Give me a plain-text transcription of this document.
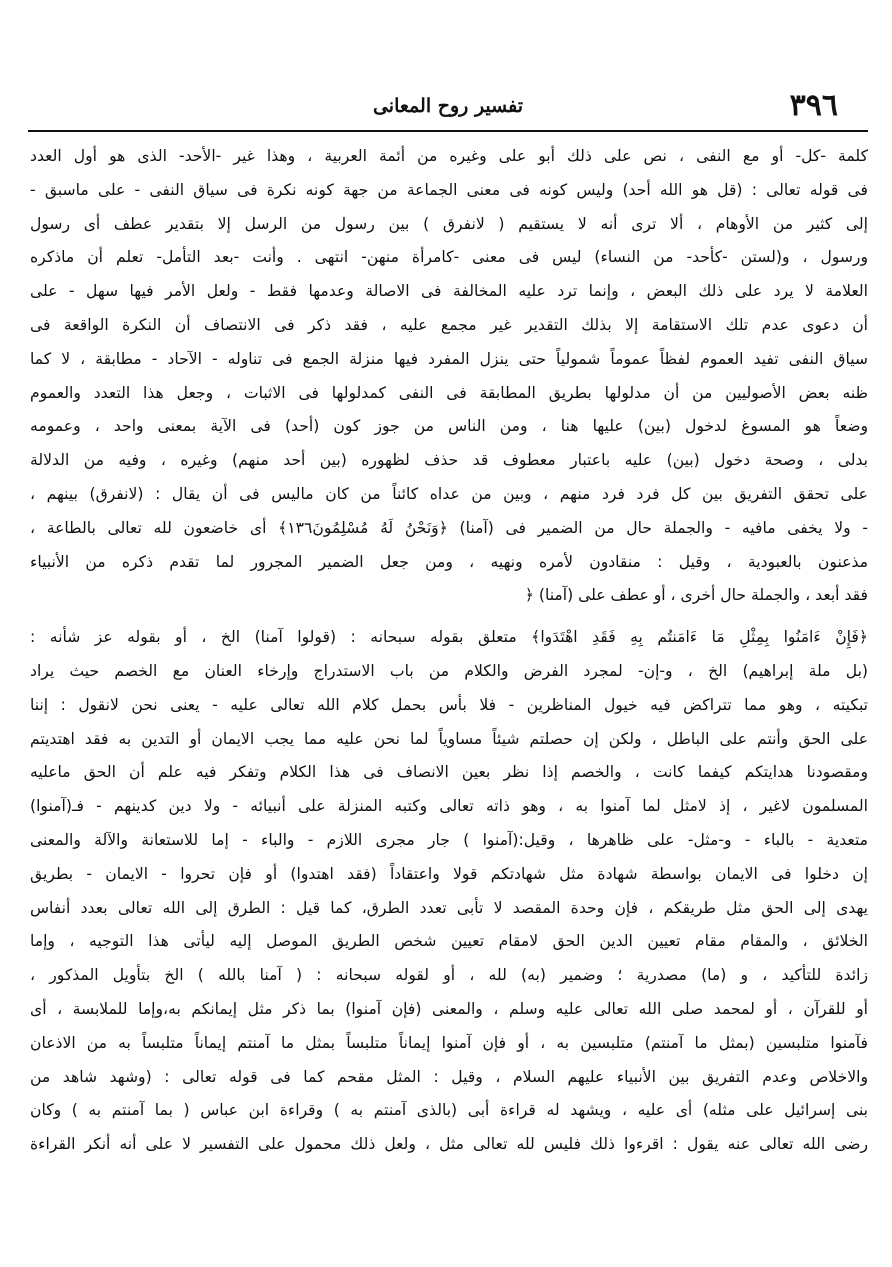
٣٩٦
تفسير روح المعانى
كلمة -كل- أو مع النفى ، نص على ذلك أبو على وغيره من أئمة العربية ، وهذا غير -الأحد- الذى هو أول العدد
فى قوله تعالى : (قل هو الله أحد) وليس كونه فى معنى الجماعة من جهة كونه نكرة فى سياق النفى - على ماسبق -
إلى كثير من الأوهام ، ألا ترى أنه لا يستقيم ( لانفرق ) بين رسول من الرسل إلا بتقدير عطف أى رسول
ورسول ، و(لستن -كأحد- من النساء) ليس فى معنى -كامرأة منهن- انتهى . وأنت -بعد التأمل- تعلم أن ماذكره
العلامة لا يرد على ذلك البعض ، وإنما ترد عليه المخالفة فى الاصالة وعدمها فقط - ولعل الأمر فيها سهل - على
أن دعوى عدم تلك الاستقامة إلا بذلك التقدير غير مجمع عليه ، فقد ذكر فى الانتصاف أن النكرة الواقعة فى
سياق النفى تفيد العموم لفظاً عموماً شمولياً حتى ينزل المفرد فيها منزلة الجمع فى تناوله - الآحاد - مطابقة ، لا كما
ظنه بعض الأصوليين من أن مدلولها بطريق المطابقة فى النفى كمدلولها فى الاثبات ، وجعل هذا التعدد والعموم
وضعاً هو المسوغ لدخول (بين) عليها هنا ، ومن الناس من جوز كون (أحد) فى الآية بمعنى واحد ، وعمومه
بدلى ، وصحة دخول (بين) عليه باعتبار معطوف قد حذف لظهوره (بين أحد منهم) وغيره ، وفيه من الدلالة
على تحقق التفريق بين كل فرد فرد منهم ، وبين من عداه كائناً من كان ماليس فى أن يقال : (لانفرق) بينهم ،
- ولا يخفى مافيه - والجملة حال من الضمير فى (آمنا) ﴿وَنَحْنُ لَهُ مُسْلِمُونَ١٣٦﴾ أى خاضعون لله تعالى بالطاعة ،
مذعنون بالعبودية ، وقيل : منقادون لأمره ونهيه ، ومن جعل الضمير المجرور لما تقدم ذكره من الأنبياء
فقد أبعد ، والجملة حال أخرى ، أو عطف على (آمنا) ﴿
﴿فَإِنْ ءَامَنُوا بِمِثْلِ مَا ءَامَنتُم بِهِ فَقَدِ اهْتَدَوا﴾ متعلق بقوله سبحانه : (قولوا آمنا) الخ ، أو بقوله عز شأنه :
(بل ملة إبراهيم) الخ ، و-إن- لمجرد الفرض والكلام من باب الاستدراج وإرخاء العنان مع الخصم حيث يراد
تبكيته ، وهو مما تتراكض فيه خيول المناظرين - فلا بأس بحمل كلام الله تعالى عليه - يعنى نحن لانقول : إننا
على الحق وأنتم على الباطل ، ولكن إن حصلتم شيئاً مساوياً لما نحن عليه مما يجب الايمان أو التدين به فقد اهتديتم
ومقصودنا هدايتكم كيفما كانت ، والخصم إذا نظر بعين الانصاف فى هذا الكلام وتفكر فيه علم أن الحق ماعليه
المسلمون لاغير ، إذ لامثل لما آمنوا به ، وهو ذاته تعالى وكتبه المنزلة على أنبيائه - ولا دين كدينهم - فـ(آمنوا)
متعدية - بالباء - و-مثل- على ظاهرها ، وقيل:(آمنوا ) جار مجرى اللازم - والباء - إما للاستعانة والآلة والمعنى
إن دخلوا فى الايمان بواسطة شهادة مثل شهادتكم قولا واعتقاداً (فقد اهتدوا) أو فإن تحروا - الايمان - بطريق
يهدى إلى الحق مثل طريقكم ، فإن وحدة المقصد لا تأبى تعدد الطرق، كما قيل : الطرق إلى الله تعالى بعدد أنفاس
الخلائق ، والمقام مقام تعيين الدين الحق لامقام تعيين شخص الطريق الموصل إليه ليأتى هذا التوجيه ، وإما
زائدة للتأكيد ، و (ما) مصدرية ؛ وضمير (به) لله ، أو لقوله سبحانه : ( آمنا بالله ) الخ بتأويل المذكور ،
أو للقرآن ، أو لمحمد صلى الله تعالى عليه وسلم ، والمعنى (فإن آمنوا) بما ذكر مثل إيمانكم به،وإما للملابسة ، أى
فآمنوا متلبسين (بمثل ما آمنتم) متلبسين به ، أو فإن آمنوا إيماناً متلبساً بمثل ما آمنتم إيماناً متلبساً به من الاذعان
والاخلاص وعدم التفريق بين الأنبياء عليهم السلام ، وقيل : المثل مقحم كما فى قوله تعالى : (وشهد شاهد من
بنى إسرائيل على مثله) أى عليه ، ويشهد له قراءة أبى (بالذى آمنتم به ) وقراءة ابن عباس ( بما آمنتم به ) وكان
رضى الله تعالى عنه يقول : اقرءوا ذلك فليس لله تعالى مثل ، ولعل ذلك محمول على التفسير لا على أنه أنكر القراءة
